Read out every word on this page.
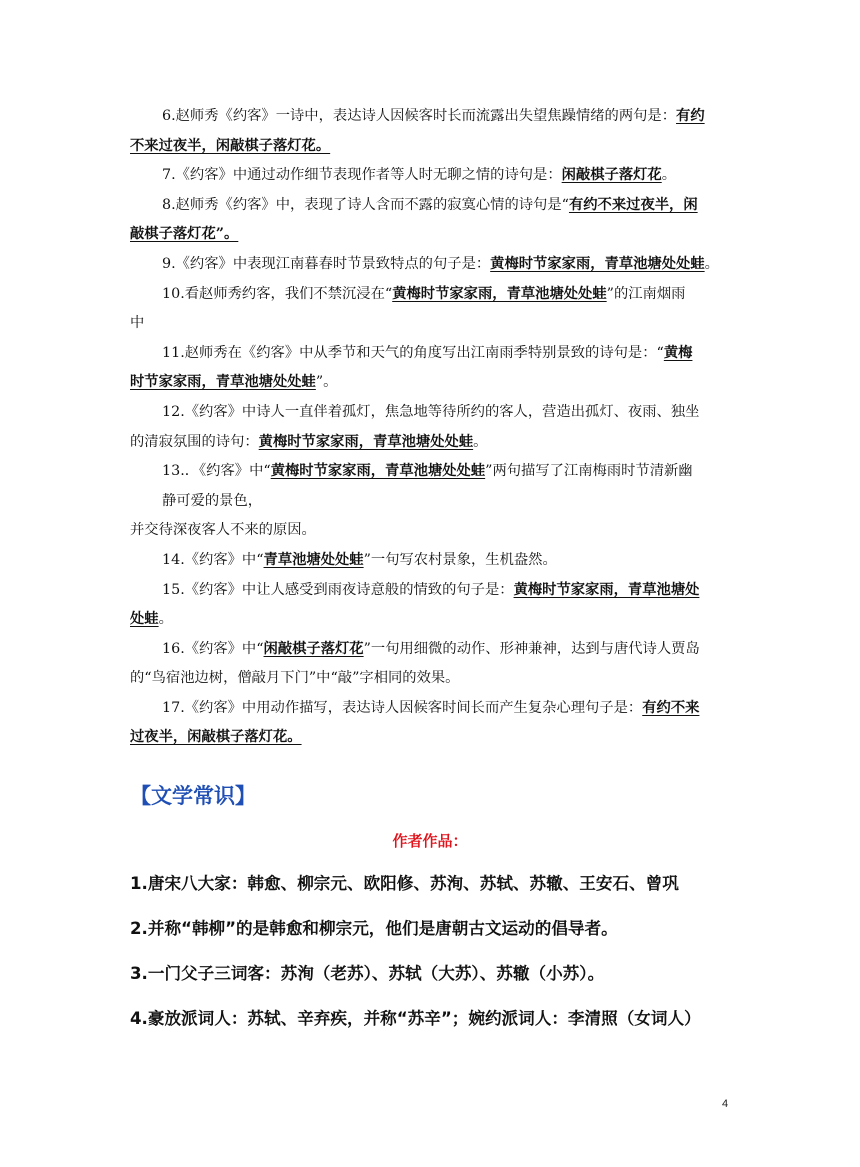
6.赵师秀《约客》一诗中，表达诗人因候客时长而流露出失望焦躁情绪的两句是：有约
不来过夜半，闲敲棋子落灯花。

7.《约客》中通过动作细节表现作者等人时无聊之情的诗句是：闲敲棋子落灯花。

8.赵师秀《约客》中，表现了诗人含而不露的寂寞心情的诗句是“有约不来过夜半，闲
敲棋子落灯花”。

9.《约客》中表现江南暮春时节景致特点的句子是：黄梅时节家家雨，青草池塘处处蛙。

10.看赵师秀约客，我们不禁沉浸在“黄梅时节家家雨，青草池塘处处蛙”的江南烟雨
中

11.赵师秀在《约客》中从季节和天气的角度写出江南雨季特别景致的诗句是：“黄梅
时节家家雨，青草池塘处处蛙”。

12.《约客》中诗人一直伴着孤灯，焦急地等待所约的客人，营造出孤灯、夜雨、独坐
的清寂氛围的诗句：黄梅时节家家雨，青草池塘处处蛙。

13.．《约客》中“黄梅时节家家雨，青草池塘处处蛙”两句描写了江南梅雨时节清新幽
静可爱的景色，
并交待深夜客人不来的原因。

14.《约客》中“青草池塘处处蛙”一句写农村景象，生机盎然。

15.《约客》中让人感受到雨夜诗意般的情致的句子是：黄梅时节家家雨，青草池塘处
处蛙。

16.《约客》中“闲敲棋子落灯花”一句用细微的动作、形神兼神，达到与唐代诗人贾岛
的“鸟宿池边树，僧敲月下门”中“敲”字相同的效果。

17.《约客》中用动作描写，表达诗人因候客时间长而产生复杂心理句子是：有约不来
过夜半，闲敲棋子落灯花。

【文学常识】
作者作品：

1.唐宋八大家：韩愈、柳宗元、欧阳修、苏洵、苏轼、苏辙、王安石、曾巩

2.并称“韩柳”的是韩愈和柳宗元，他们是唐朝古文运动的倡导者。

3.一门父子三词客：苏洵（老苏）、苏轼（大苏）、苏辙（小苏）。

4.豪放派词人：苏轼、辛弃疾，并称“苏辛”；婉约派词人：李清照（女词人）

4
